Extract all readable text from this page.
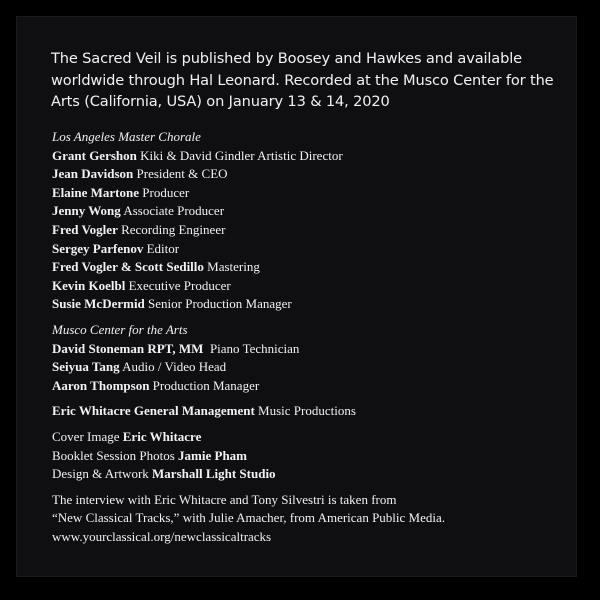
The Sacred Veil is published by Boosey and Hawkes and available worldwide through Hal Leonard. Recorded at the Musco Center for the Arts (California, USA) on January 13 & 14, 2020

Los Angeles Master Chorale
Grant Gershon Kiki & David Gindler Artistic Director
Jean Davidson President & CEO
Elaine Martone Producer
Jenny Wong Associate Producer
Fred Vogler Recording Engineer
Sergey Parfenov Editor
Fred Vogler & Scott Sedillo Mastering
Kevin Koelbl Executive Producer
Susie McDermid Senior Production Manager
Musco Center for the Arts
David Stoneman RPT, MM Piano Technician
Seiyua Tang Audio / Video Head
Aaron Thompson Production Manager
Eric Whitacre General Management Music Productions
Cover Image Eric Whitacre
Booklet Session Photos Jamie Pham
Design & Artwork Marshall Light Studio
The interview with Eric Whitacre and Tony Silvestri is taken from
“New Classical Tracks,” with Julie Amacher, from American Public Media.
www.yourclassical.org/newclassicaltracks
